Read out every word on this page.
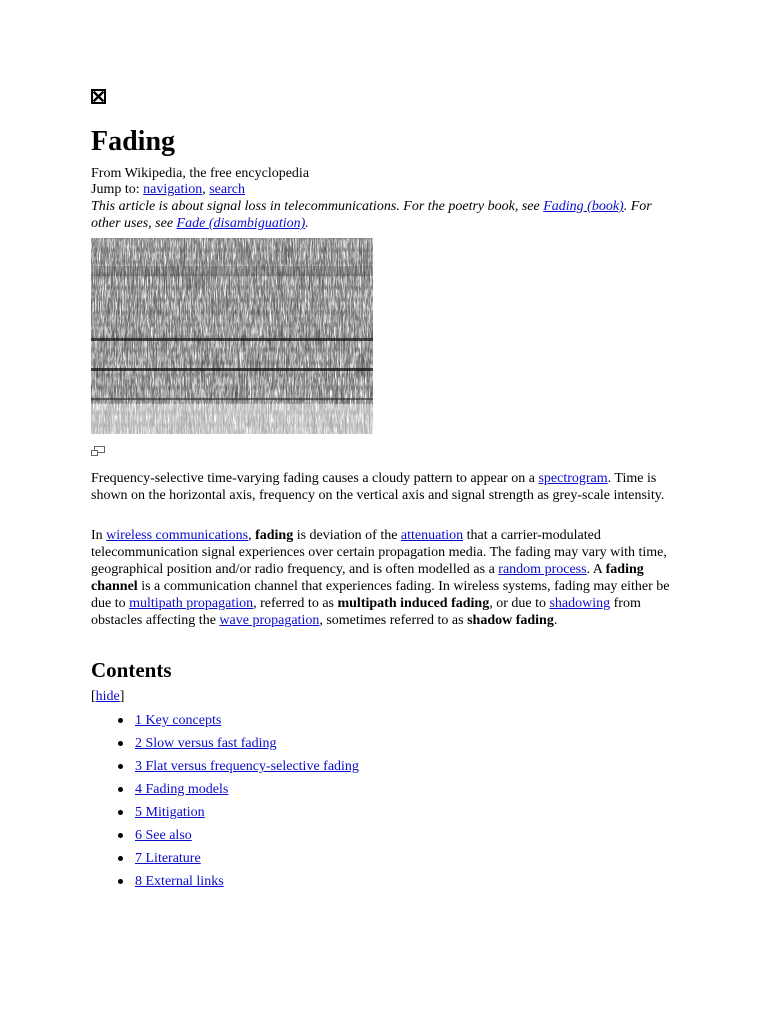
Fading

From Wikipedia, the free encyclopedia

Jump to: navigation, search

This article is about signal loss in telecommunications. For the poetry book, see Fading (book). For other uses, see Fade (disambiguation).

Frequency-selective time-varying fading causes a cloudy pattern to appear on a spectrogram. Time is shown on the horizontal axis, frequency on the vertical axis and signal strength as grey-scale intensity.

In wireless communications, fading is deviation of the attenuation that a carrier-modulated telecommunication signal experiences over certain propagation media. The fading may vary with time, geographical position and/or radio frequency, and is often modelled as a random process. A fading channel is a communication channel that experiences fading. In wireless systems, fading may either be due to multipath propagation, referred to as multipath induced fading, or due to shadowing from obstacles affecting the wave propagation, sometimes referred to as shadow fading.

Contents

[hide]

1 Key concepts
2 Slow versus fast fading
3 Flat versus frequency-selective fading
4 Fading models
5 Mitigation
6 See also
7 Literature
8 External links
